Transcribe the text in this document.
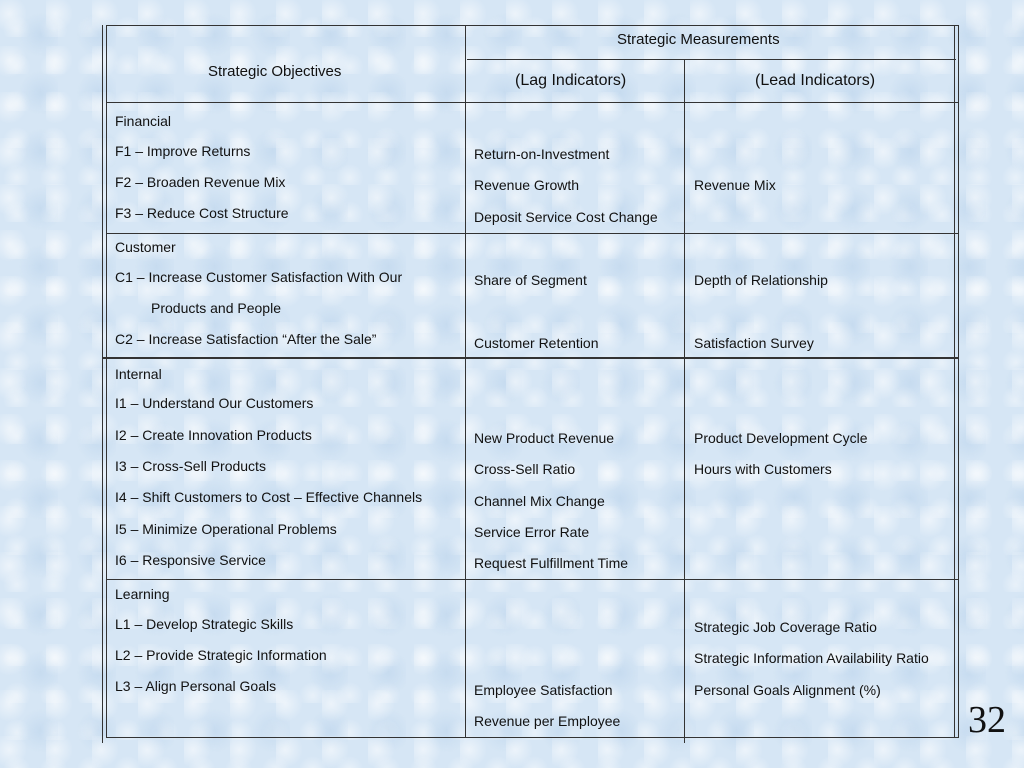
Strategic Objectives
Strategic Measurements
(Lag Indicators)	(Lead Indicators)
Financial
F1 – Improve Returns
F2 – Broaden Revenue Mix
F3 – Reduce Cost Structure
Return-on-Investment
Revenue Growth
Deposit Service Cost Change
Revenue Mix
Customer
C1 – Increase Customer Satisfaction With Our
Products and People
C2 – Increase Satisfaction “After the Sale”
Share of Segment
Customer Retention
Depth of Relationship
Satisfaction Survey
Internal
I1 – Understand Our Customers
I2 – Create Innovation Products
I3 – Cross-Sell Products
I4 – Shift Customers to Cost – Effective Channels
I5 – Minimize Operational Problems
I6 – Responsive Service
New Product Revenue
Cross-Sell Ratio
Channel Mix Change
Service Error Rate
Request Fulfillment Time
Product Development Cycle
Hours with Customers
Learning
L1 – Develop Strategic Skills
L2 – Provide Strategic Information
L3 – Align Personal Goals	Employee Satisfaction
Revenue per Employee
Strategic Job Coverage Ratio
Strategic Information Availability Ratio
Personal Goals Alignment (%)
32
